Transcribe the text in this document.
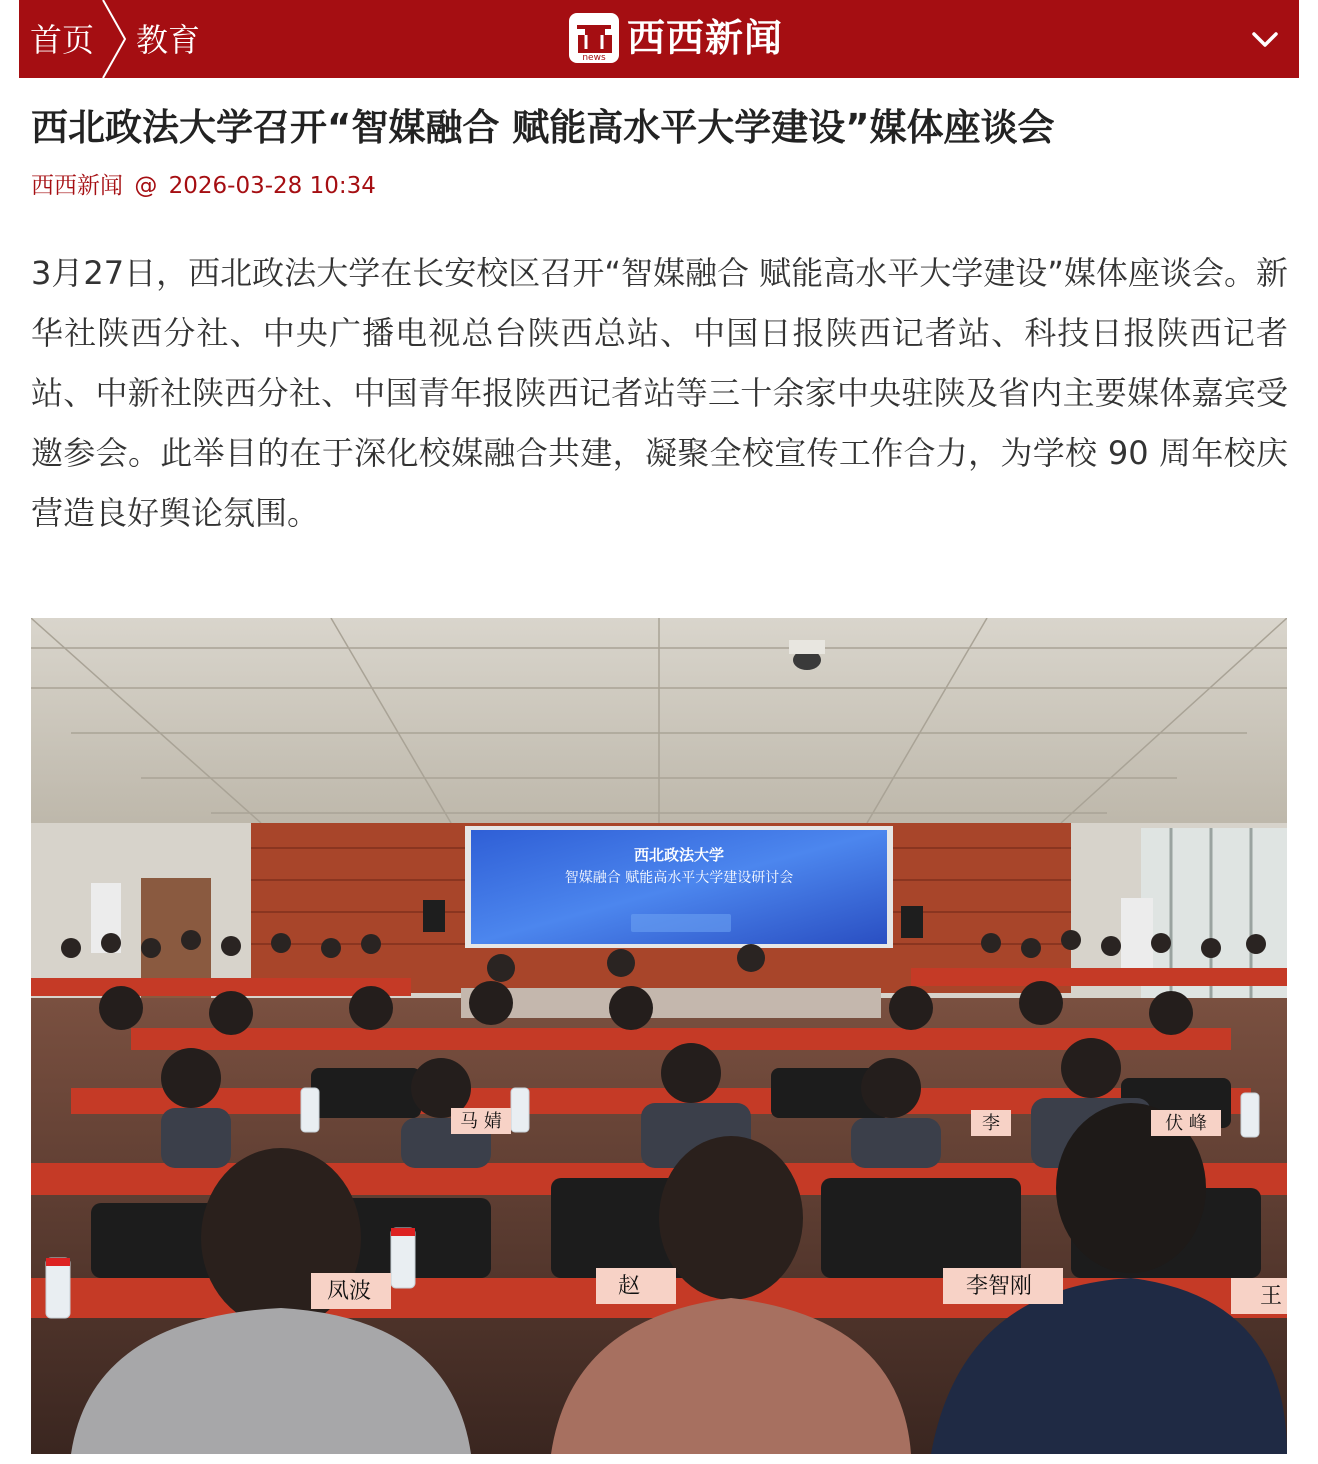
首页 教育	news 西西新闻
西北政法大学召开“智媒融合 赋能高水平大学建设”媒体座谈会
西西新闻 @ 2026-03-28 10:34

3月27日，西北政法大学在长安校区召开“智媒融合 赋能高水平大学建设”媒体座谈会。新华社陕西分社、中央广播电视总台陕西总站、中国日报陕西记者站、科技日报陕西记者站、中新社陕西分社、中国青年报陕西记者站等三十余家中央驻陕及省内主要媒体嘉宾受邀参会。此举目的在于深化校媒融合共建，凝聚全校宣传工作合力，为学校 90 周年校庆营造良好舆论氛围。

西北政法大学
智媒融合 赋能高水平大学建设研讨会
马 婧	李	伏 峰
凤波	赵	李智刚	王
